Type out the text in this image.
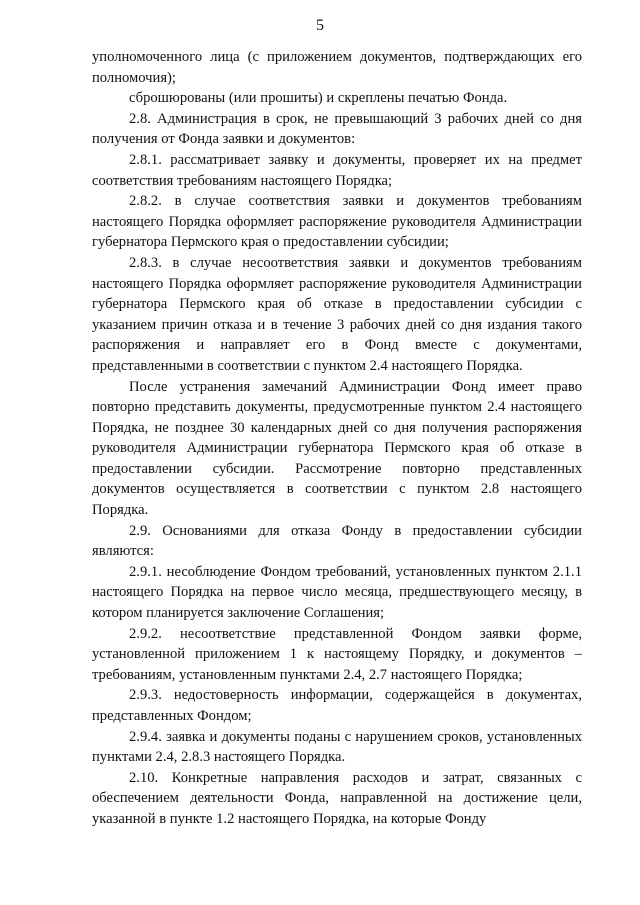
5

уполномоченного лица (с приложением документов, подтверждающих его полномочия);

сброшюрованы (или прошиты) и скреплены печатью Фонда.

2.8. Администрация в срок, не превышающий 3 рабочих дней со дня получения от Фонда заявки и документов:

2.8.1. рассматривает заявку и документы, проверяет их на предмет соответствия требованиям настоящего Порядка;

2.8.2. в случае соответствия заявки и документов требованиям настоящего Порядка оформляет распоряжение руководителя Администрации губернатора Пермского края о предоставлении субсидии;

2.8.3. в случае несоответствия заявки и документов требованиям настоящего Порядка оформляет распоряжение руководителя Администрации губернатора Пермского края об отказе в предоставлении субсидии с указанием причин отказа и в течение 3 рабочих дней со дня издания такого распоряжения и направляет его в Фонд вместе с документами, представленными в соответствии с пунктом 2.4 настоящего Порядка.

После устранения замечаний Администрации Фонд имеет право повторно представить документы, предусмотренные пунктом 2.4 настоящего Порядка, не позднее 30 календарных дней со дня получения распоряжения руководителя Администрации губернатора Пермского края об отказе в предоставлении субсидии. Рассмотрение повторно представленных документов осуществляется в соответствии с пунктом 2.8 настоящего Порядка.

2.9. Основаниями для отказа Фонду в предоставлении субсидии являются:

2.9.1. несоблюдение Фондом требований, установленных пунктом 2.1.1 настоящего Порядка на первое число месяца, предшествующего месяцу, в котором планируется заключение Соглашения;

2.9.2. несоответствие представленной Фондом заявки форме, установленной приложением 1 к настоящему Порядку, и документов – требованиям, установленным пунктами 2.4, 2.7 настоящего Порядка;

2.9.3. недостоверность информации, содержащейся в документах, представленных Фондом;

2.9.4. заявка и документы поданы с нарушением сроков, установленных пунктами 2.4, 2.8.3 настоящего Порядка.

2.10. Конкретные направления расходов и затрат, связанных с обеспечением деятельности Фонда, направленной на достижение цели, указанной в пункте 1.2 настоящего Порядка, на которые Фонду
